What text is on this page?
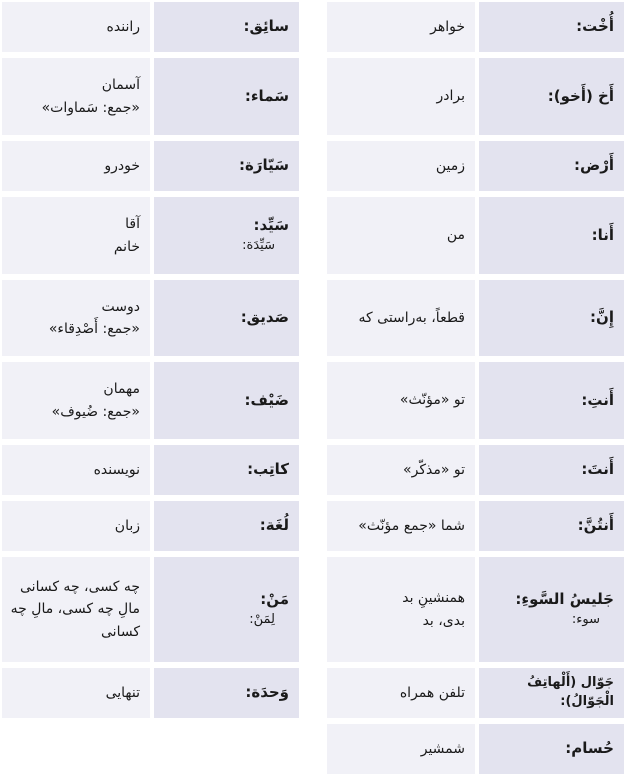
أُخْت:
خواهر
أَخ (أَخو):
برادر
أَرْض:
زمین
أَنا:
من
إِنَّ:
قطعاً، به‌راستی که
أَنتِ:
تو «مؤنّث»
أَنتَ:
تو «مذکّر»
أَنتُنَّ:
شما «جمع مؤنّث»
جَلیسُ السَّوءِ:
سوء:
همنشینِ بد
بدی، بد
جَوّال (أَلْهاتِفُ الْجَوّالُ):
تلفن همراه
حُسام:
شمشیر
سائِق:
راننده
سَماء:
آسمان
«جمع: سَماوات»
سَیّارَة:
خودرو
سَیِّد:
سَیِّدَة:
آقا
خانم
صَدیق:
دوست
«جمع: أَصْدِقاء»
ضَیْف:
مهمان
«جمع: ضُیوف»
کاتِب:
نویسنده
لُغَة:
زبان
مَنْ:
لِمَنْ:
چه کسی، چه کسانی
مالِ چه کسی، مالِ چه
کسانی
وَحدَة:
تنهایی
